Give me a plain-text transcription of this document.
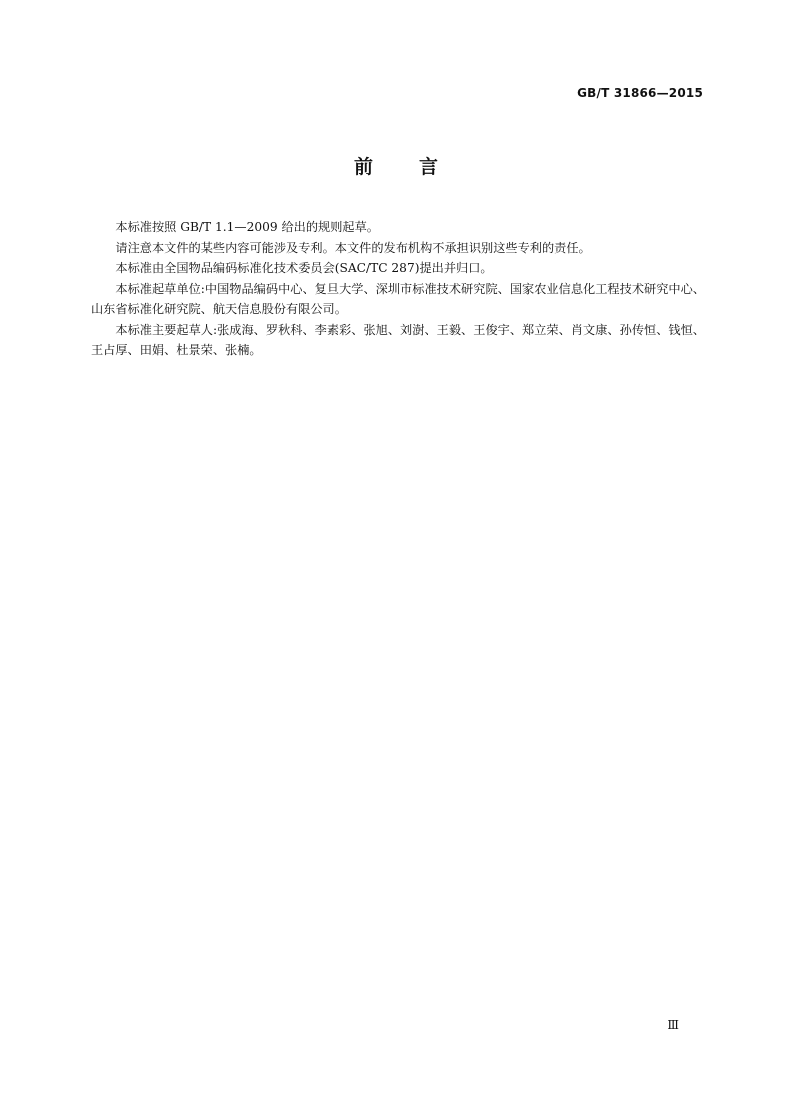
GB/T 31866—2015
前言

本标准按照 GB/T 1.1—2009 给出的规则起草。

请注意本文件的某些内容可能涉及专利。本文件的发布机构不承担识别这些专利的责任。

本标准由全国物品编码标准化技术委员会(SAC/TC 287)提出并归口。

本标准起草单位:中国物品编码中心、复旦大学、深圳市标准技术研究院、国家农业信息化工程技术研究中心、山东省标准化研究院、航天信息股份有限公司。

本标准主要起草人:张成海、罗秋科、李素彩、张旭、刘澍、王毅、王俊宇、郑立荣、肖文康、孙传恒、钱恒、王占厚、田娟、杜景荣、张楠。

Ⅲ
